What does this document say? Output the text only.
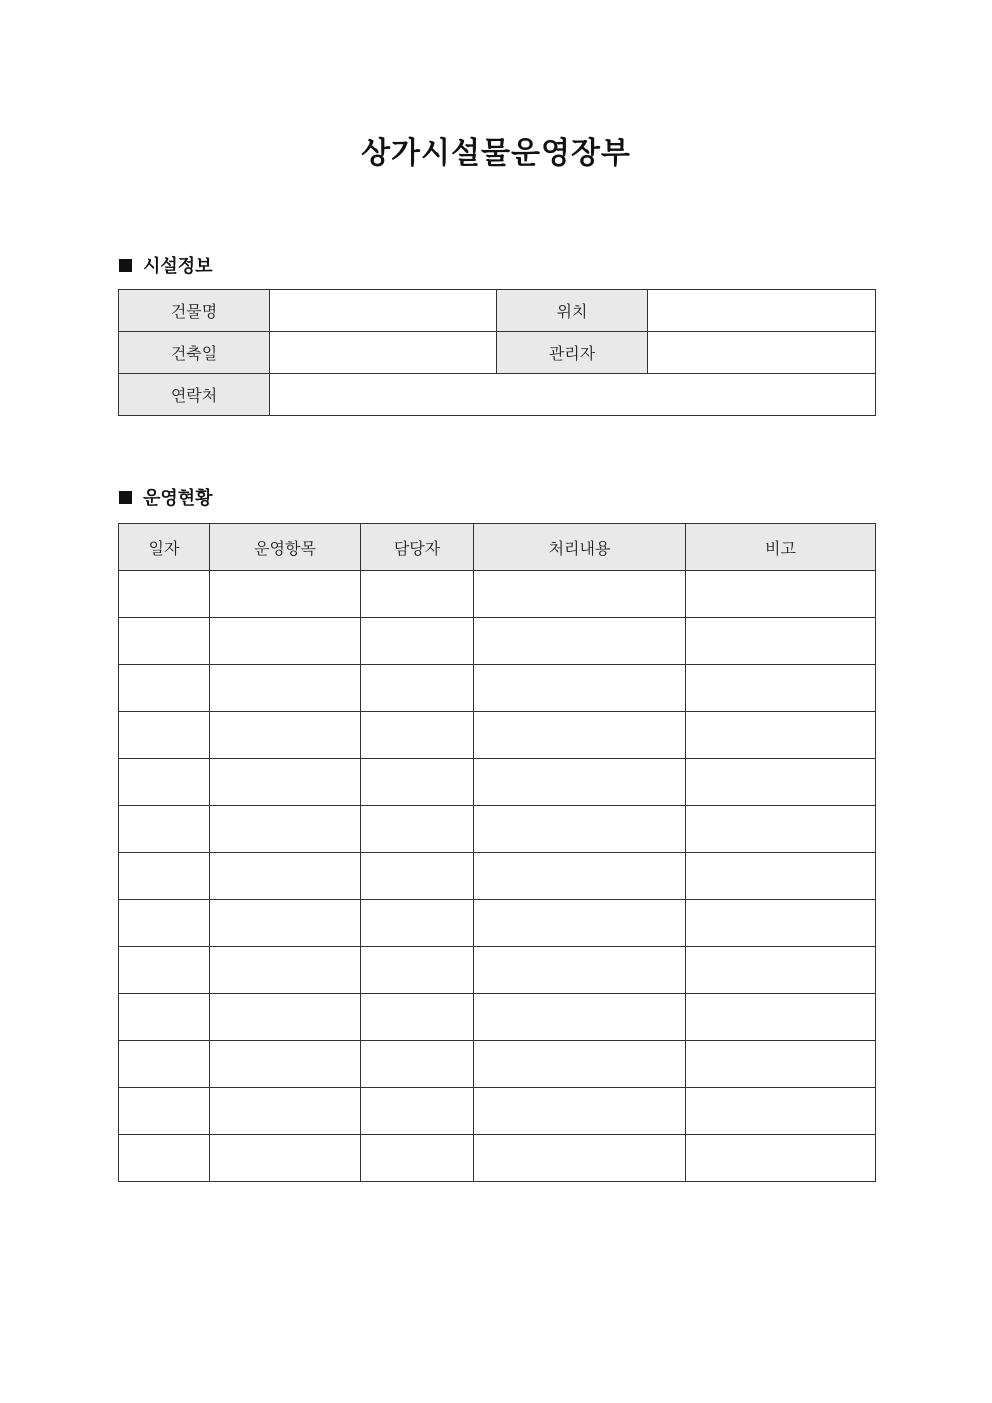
상가시설물운영장부
시설정보
건물명		위치	
건축일		관리자	
연락처			
운영현황
일자	운영항목	담당자	처리내용	비고
